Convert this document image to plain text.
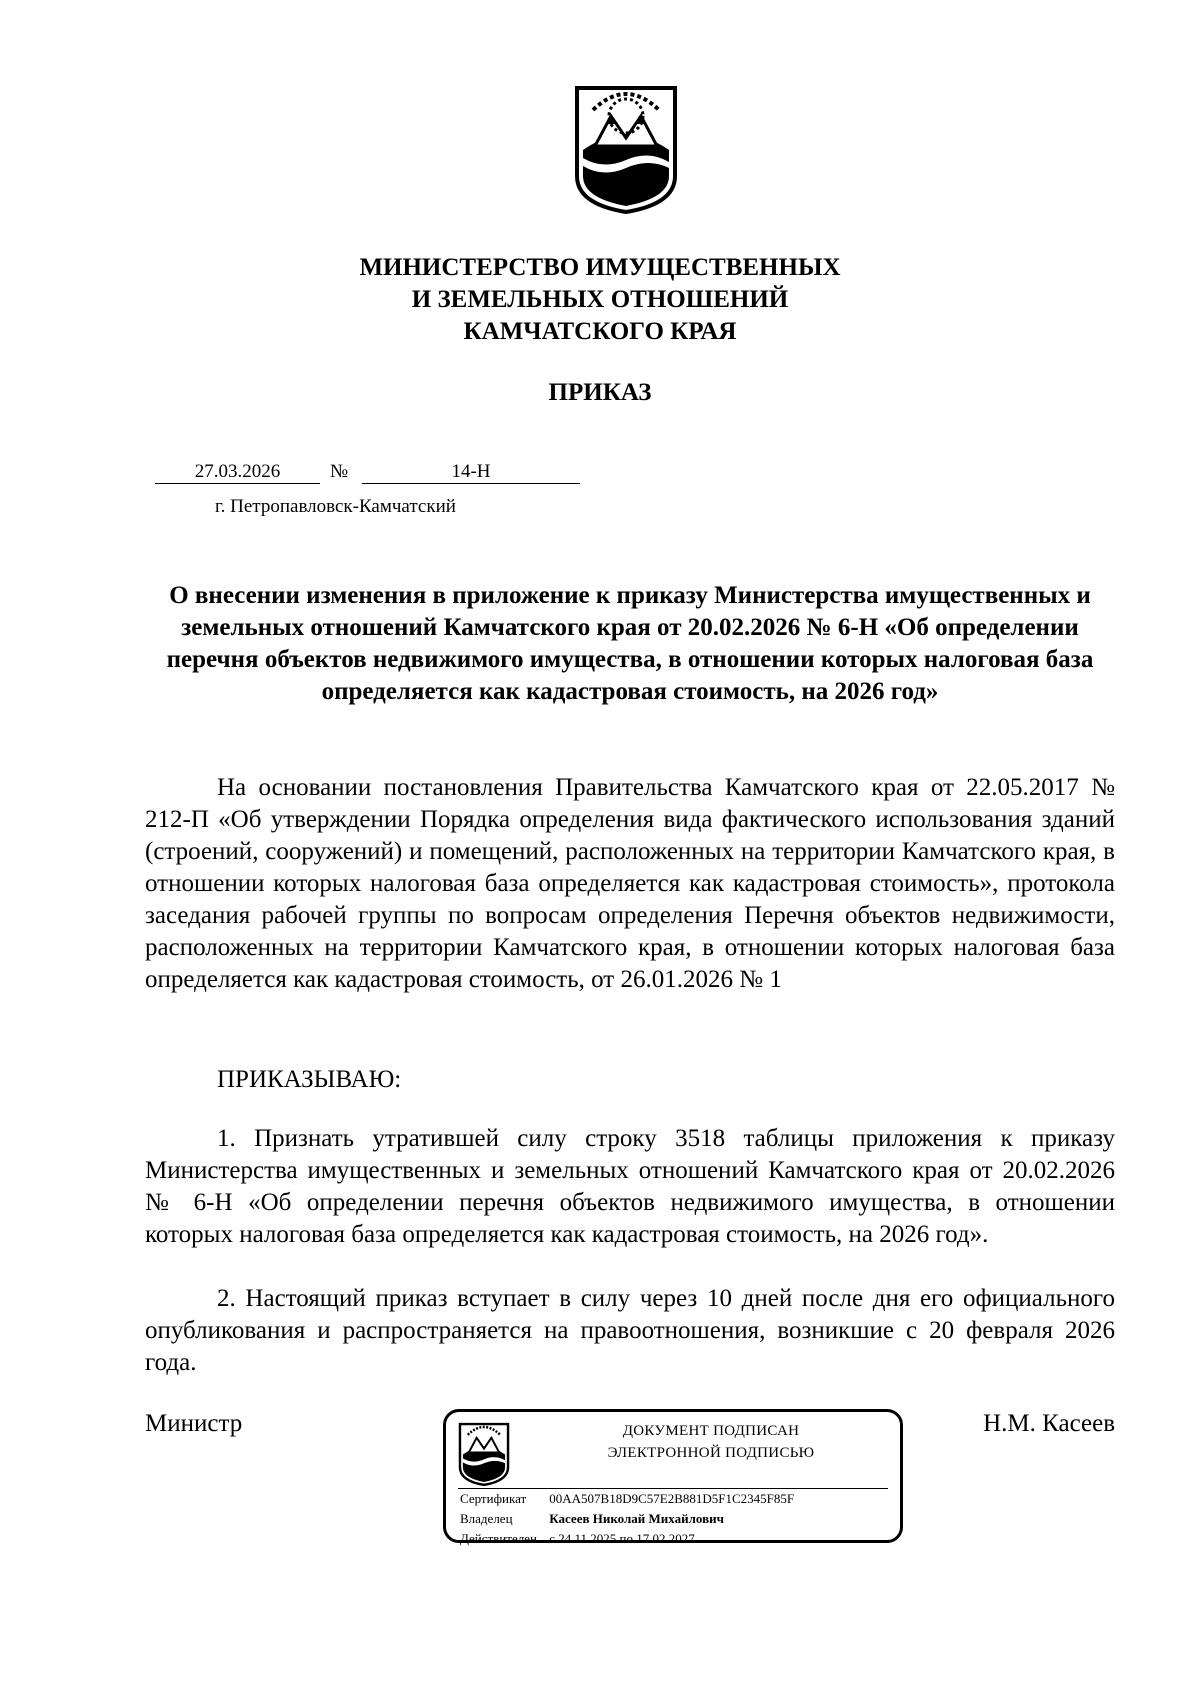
МИНИСТЕРСТВО ИМУЩЕСТВЕННЫХ
И ЗЕМЕЛЬНЫХ ОТНОШЕНИЙ
КАМЧАТСКОГО КРАЯ
ПРИКАЗ
27.03.2026	№	14-Н
г. Петропавловск-Камчатский
О внесении изменения в приложение к приказу Министерства имущественных и земельных отношений Камчатского края от 20.02.2026 № 6-Н «Об определении перечня объектов недвижимого имущества, в отношении которых налоговая база определяется как кадастровая стоимость, на 2026 год»
На основании постановления Правительства Камчатского края от 22.05.2017 № 212-П «Об утверждении Порядка определения вида фактического использования зданий (строений, сооружений) и помещений, расположенных на территории Камчатского края, в отношении которых налоговая база определяется как кадастровая стоимость», протокола заседания рабочей группы по вопросам определения Перечня объектов недвижимости, расположенных на территории Камчатского края, в отношении которых налоговая база определяется как кадастровая стоимость, от 26.01.2026 № 1
ПРИКАЗЫВАЮ:
1. Признать утратившей силу строку 3518 таблицы приложения к приказу Министерства имущественных и земельных отношений Камчатского края от 20.02.2026 № 6-Н «Об определении перечня объектов недвижимого имущества, в отношении которых налоговая база определяется как кадастровая стоимость, на 2026 год».
2. Настоящий приказ вступает в силу через 10 дней после дня его официального опубликования и распространяется на правоотношения, возникшие с 20 февраля 2026 года.
Министр	Н.М. Касеев
ДОКУМЕНТ ПОДПИСАН
ЭЛЕКТРОННОЙ ПОДПИСЬЮ
Сертификат 00AA507B18D9C57E2B881D5F1C2345F85F
Владелец	Касеев Николай Михайлович
Действителен с 24.11.2025 по 17.02.2027
